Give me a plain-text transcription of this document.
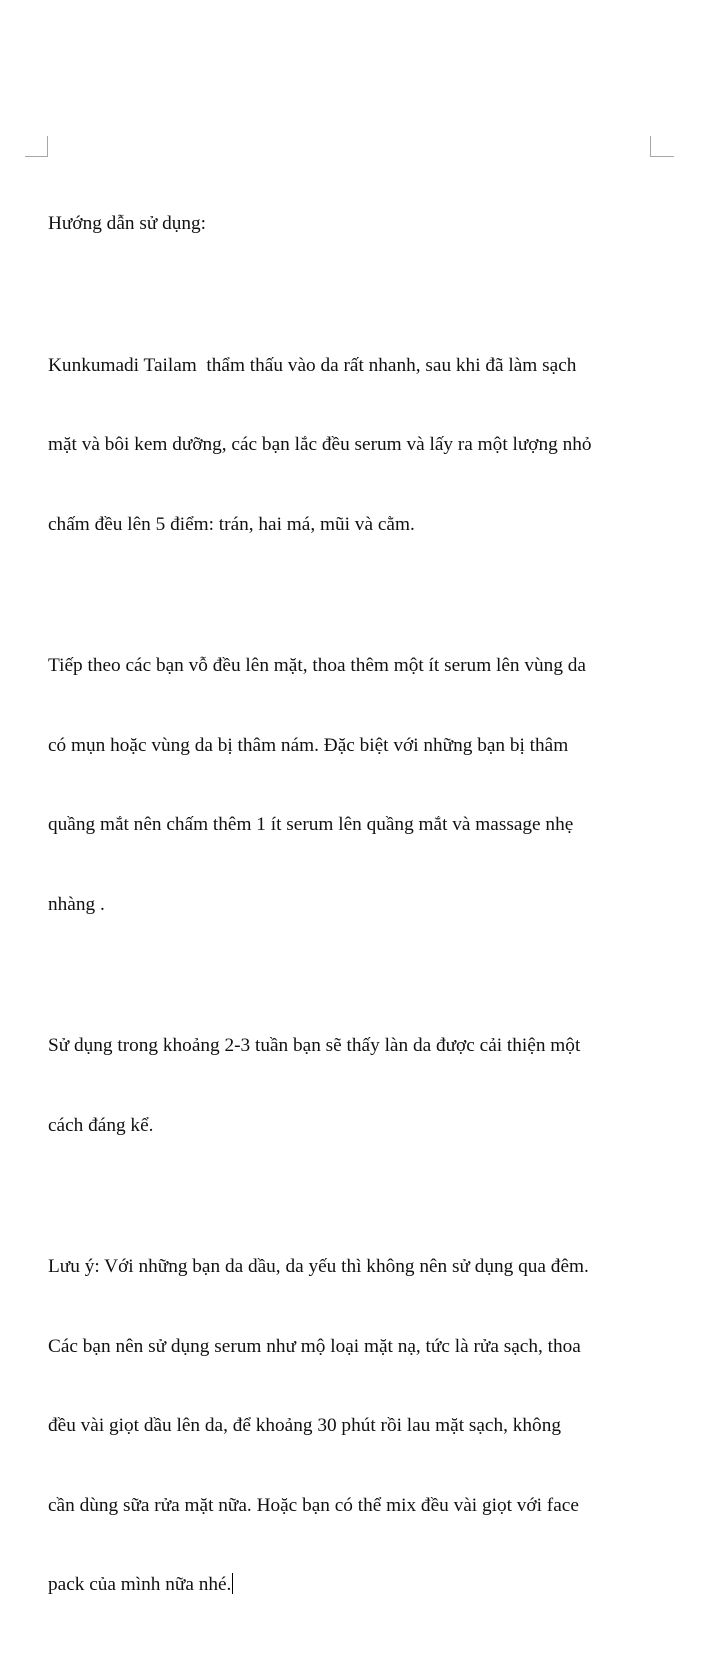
Hướng dẫn sử dụng:

Kunkumadi Tailam  thẩm thấu vào da rất nhanh, sau khi đã làm sạch

mặt và bôi kem dưỡng, các bạn lắc đều serum và lấy ra một lượng nhỏ

chấm đều lên 5 điểm: trán, hai má, mũi và cằm.

Tiếp theo các bạn vỗ đều lên mặt, thoa thêm một ít serum lên vùng da

có mụn hoặc vùng da bị thâm nám. Đặc biệt với những bạn bị thâm

quầng mắt nên chấm thêm 1 ít serum lên quầng mắt và massage nhẹ

nhàng .

Sử dụng trong khoảng 2-3 tuần bạn sẽ thấy làn da được cải thiện một

cách đáng kể.

Lưu ý: Với những bạn da dầu, da yếu thì không nên sử dụng qua đêm.

Các bạn nên sử dụng serum như mộ loại mặt nạ, tức là rửa sạch, thoa

đều vài giọt dầu lên da, để khoảng 30 phút rồi lau mặt sạch, không

cần dùng sữa rửa mặt nữa. Hoặc bạn có thể mix đều vài giọt với face

pack của mình nữa nhé.
